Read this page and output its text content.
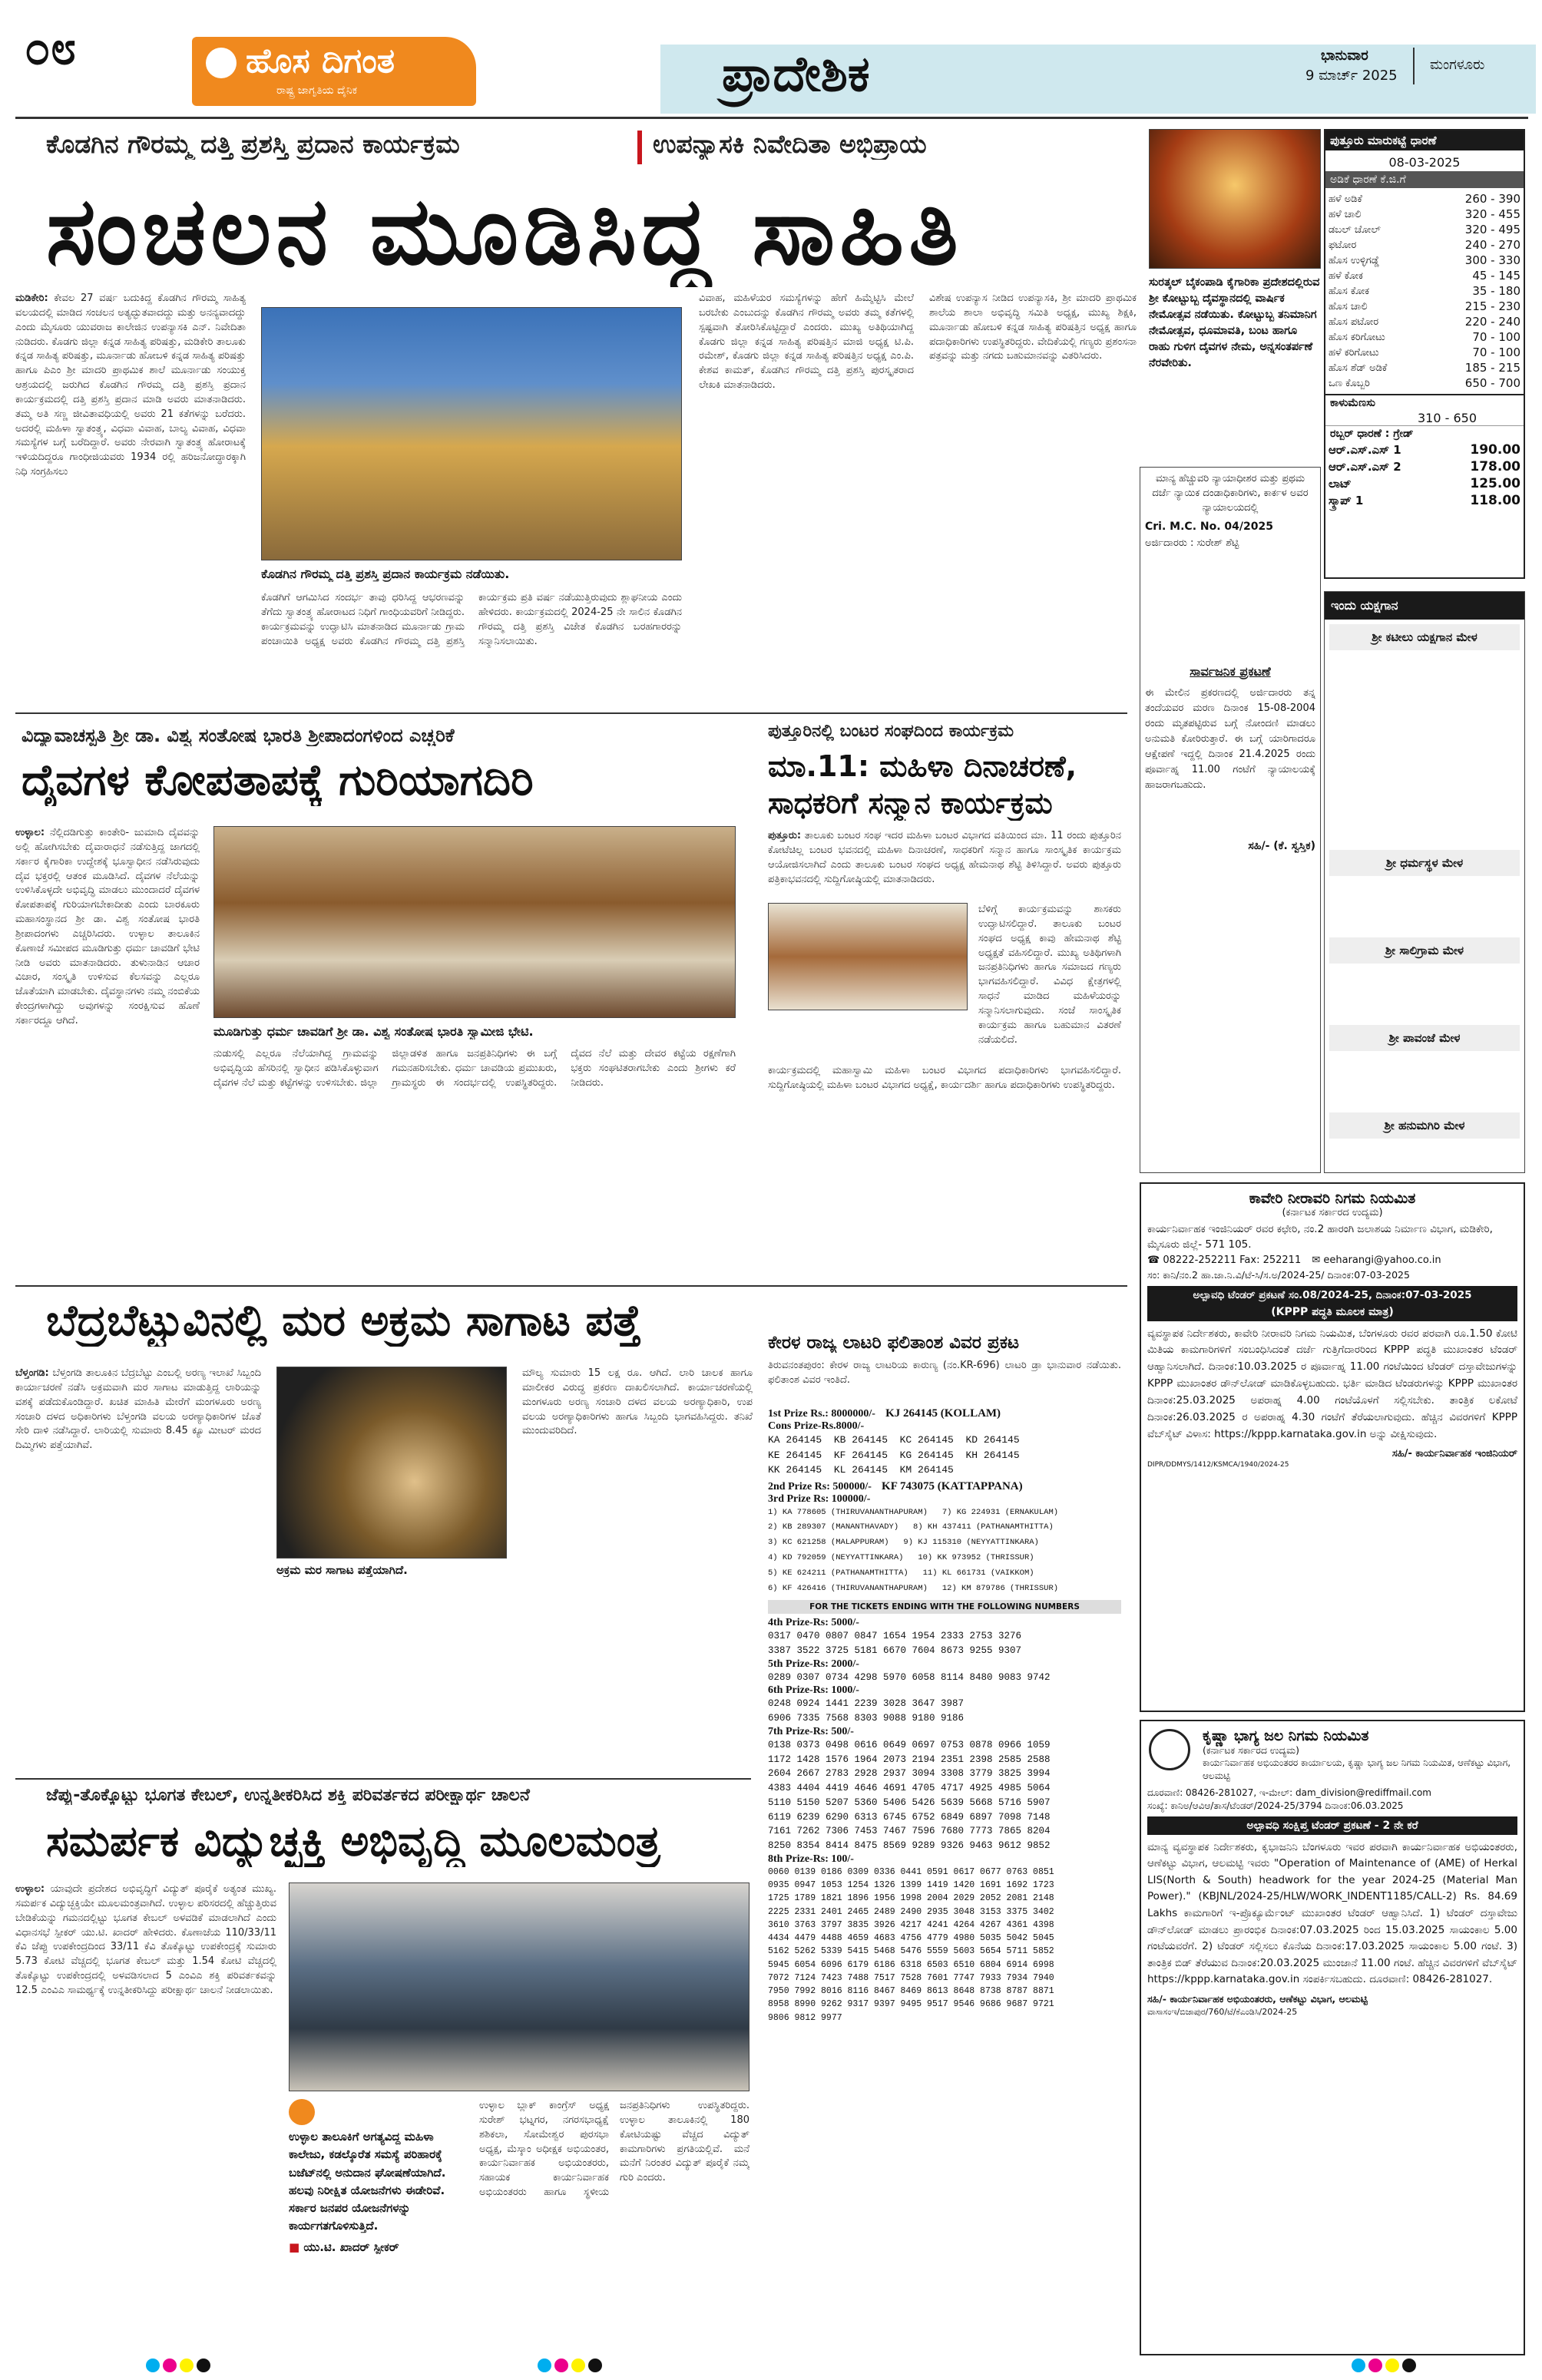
೦೮	ಹೊಸ ದಿಗಂತ
ರಾಷ್ಟ್ರ ಜಾಗೃತಿಯ ದೈನಿಕ	ಪ್ರಾದೇಶಿಕ	ಭಾನುವಾರ
9 ಮಾರ್ಚ್ 2025
ಮಂಗಳೂರು
ಕೊಡಗಿನ ಗೌರಮ್ಮ ದತ್ತಿ ಪ್ರಶಸ್ತಿ ಪ್ರದಾನ ಕಾರ್ಯಕ್ರಮ	ಉಪನ್ಯಾಸಕಿ ನಿವೇದಿತಾ ಅಭಿಪ್ರಾಯ
ಸಂಚಲನ ಮೂಡಿಸಿದ್ದ ಸಾಹಿತಿ
ಮಡಿಕೇರಿ: ಕೇವಲ 27 ವರ್ಷ ಬದುಕಿದ್ದ ಕೊಡಗಿನ ಗೌರಮ್ಮ ಸಾಹಿತ್ಯ ವಲಯದಲ್ಲಿ ಮಾಡಿದ ಸಂಚಲನ ಅತ್ಯದ್ಭುತವಾದದ್ದು ಮತ್ತು ಅನನ್ಯವಾದದ್ದು ಎಂದು ಮೈಸೂರು ಯುವರಾಜ ಕಾಲೇಜಿನ ಉಪನ್ಯಾಸಕಿ ಎನ್. ನಿವೇದಿತಾ ನುಡಿದರು. ಕೊಡಗು ಜಿಲ್ಲಾ ಕನ್ನಡ ಸಾಹಿತ್ಯ ಪರಿಷತ್ತು, ಮಡಿಕೇರಿ ತಾಲೂಕು ಕನ್ನಡ ಸಾಹಿತ್ಯ ಪರಿಷತ್ತು, ಮೂರ್ನಾಡು ಹೋಬಳಿ ಕನ್ನಡ ಸಾಹಿತ್ಯ ಪರಿಷತ್ತು ಹಾಗೂ ಪಿಎಂ ಶ್ರೀ ಮಾದರಿ ಪ್ರಾಥಮಿಕ ಶಾಲೆ ಮೂರ್ನಾಡು ಸಂಯುಕ್ತ ಆಶ್ರಯದಲ್ಲಿ ಜರುಗಿದ ಕೊಡಗಿನ ಗೌರಮ್ಮ ದತ್ತಿ ಪ್ರಶಸ್ತಿ ಪ್ರದಾನ ಕಾರ್ಯಕ್ರಮದಲ್ಲಿ ದತ್ತಿ ಪ್ರಶಸ್ತಿ ಪ್ರದಾನ ಮಾಡಿ ಅವರು ಮಾತನಾಡಿದರು. ತಮ್ಮ ಅತಿ ಸಣ್ಣ ಜೀವಿತಾವಧಿಯಲ್ಲಿ ಅವರು 21 ಕತೆಗಳನ್ನು ಬರೆದರು. ಅದರಲ್ಲಿ ಮಹಿಳಾ ಸ್ವಾತಂತ್ರ್ಯ, ವಿಧವಾ ವಿವಾಹ, ಬಾಲ್ಯ ವಿವಾಹ, ವಿಧವಾ ಸಮಸ್ಯೆಗಳ ಬಗ್ಗೆ ಬರೆದಿದ್ದಾರೆ. ಅವರು ನೇರವಾಗಿ ಸ್ವಾತಂತ್ರ್ಯ ಹೋರಾಟಕ್ಕೆ ಇಳಿಯದಿದ್ದರೂ ಗಾಂಧೀಜಿಯವರು 1934 ರಲ್ಲಿ ಹರಿಜನೋದ್ಧಾರಕ್ಕಾಗಿ ನಿಧಿ ಸಂಗ್ರಹಿಸಲು
ಕೊಡಗಿನ ಗೌರಮ್ಮ ದತ್ತಿ ಪ್ರಶಸ್ತಿ ಪ್ರದಾನ ಕಾರ್ಯಕ್ರಮ ನಡೆಯಿತು.
ಕೊಡಗಿಗೆ ಆಗಮಿಸಿದ ಸಂದರ್ಭ ತಾವು ಧರಿಸಿದ್ದ ಆಭರಣವನ್ನು ತೆಗೆದು ಸ್ವಾತಂತ್ರ್ಯ ಹೋರಾಟದ ನಿಧಿಗೆ ಗಾಂಧಿಯವರಿಗೆ ನೀಡಿದ್ದರು. ಕಾರ್ಯಕ್ರಮವನ್ನು ಉದ್ಘಾಟಿಸಿ ಮಾತನಾಡಿದ ಮೂರ್ನಾಡು ಗ್ರಾಮ ಪಂಚಾಯಿತಿ ಅಧ್ಯಕ್ಷ ಅವರು ಕೊಡಗಿನ ಗೌರಮ್ಮ ದತ್ತಿ ಪ್ರಶಸ್ತಿ ಕಾರ್ಯಕ್ರಮ ಪ್ರತಿ ವರ್ಷ ನಡೆಯುತ್ತಿರುವುದು ಶ್ಲಾಘನೀಯ ಎಂದು ಹೇಳಿದರು. ಕಾರ್ಯಕ್ರಮದಲ್ಲಿ 2024-25 ನೇ ಸಾಲಿನ ಕೊಡಗಿನ ಗೌರಮ್ಮ ದತ್ತಿ ಪ್ರಶಸ್ತಿ ವಿಜೇತ ಕೊಡಗಿನ ಬರಹಗಾರರನ್ನು ಸನ್ಮಾನಿಸಲಾಯಿತು.
ವಿವಾಹ, ಮಹಿಳೆಯರ ಸಮಸ್ಯೆಗಳನ್ನು ಹೇಗೆ ಹಿಮ್ಮೆಟ್ಟಿಸಿ ಮೇಲೆ ಬರಬೇಕು ಎಂಬುದನ್ನು ಕೊಡಗಿನ ಗೌರಮ್ಮ ಅವರು ತಮ್ಮ ಕತೆಗಳಲ್ಲಿ ಸ್ಪಷ್ಟವಾಗಿ ತೋರಿಸಿಕೊಟ್ಟಿದ್ದಾರೆ ಎಂದರು. ಮುಖ್ಯ ಅತಿಥಿಯಾಗಿದ್ದ ಕೊಡಗು ಜಿಲ್ಲಾ ಕನ್ನಡ ಸಾಹಿತ್ಯ ಪರಿಷತ್ತಿನ ಮಾಜಿ ಅಧ್ಯಕ್ಷ ಟಿ.ಪಿ. ರಮೇಶ್, ಕೊಡಗು ಜಿಲ್ಲಾ ಕನ್ನಡ ಸಾಹಿತ್ಯ ಪರಿಷತ್ತಿನ ಅಧ್ಯಕ್ಷ ಎಂ.ಪಿ. ಕೇಶವ ಕಾಮತ್, ಕೊಡಗಿನ ಗೌರಮ್ಮ ದತ್ತಿ ಪ್ರಶಸ್ತಿ ಪುರಸ್ಕೃತರಾದ ಲೇಖಕಿ ಮಾತನಾಡಿದರು.
ವಿಶೇಷ ಉಪನ್ಯಾಸ ನೀಡಿದ ಉಪನ್ಯಾಸಕಿ, ಶ್ರೀ ಮಾದರಿ ಪ್ರಾಥಮಿಕ ಶಾಲೆಯ ಶಾಲಾ ಅಭಿವೃದ್ಧಿ ಸಮಿತಿ ಅಧ್ಯಕ್ಷ, ಮುಖ್ಯ ಶಿಕ್ಷಕಿ, ಮೂರ್ನಾಡು ಹೋಬಳಿ ಕನ್ನಡ ಸಾಹಿತ್ಯ ಪರಿಷತ್ತಿನ ಅಧ್ಯಕ್ಷ ಹಾಗೂ ಪದಾಧಿಕಾರಿಗಳು ಉಪಸ್ಥಿತರಿದ್ದರು. ವೇದಿಕೆಯಲ್ಲಿ ಗಣ್ಯರು ಪ್ರಶಂಸನಾ ಪತ್ರವನ್ನು ಮತ್ತು ನಗದು ಬಹುಮಾನವನ್ನು ವಿತರಿಸಿದರು.
ಸುರತ್ಕಲ್ ಬೈಕಂಪಾಡಿ ಕೈಗಾರಿಕಾ ಪ್ರದೇಶದಲ್ಲಿರುವ ಶ್ರೀ ಕೋಟ್ಟುಬ್ಬ ದೈವಸ್ಥಾನದಲ್ಲಿ ವಾರ್ಷಿಕ ನೇಮೋತ್ಸವ ನಡೆಯಿತು. ಕೋಟ್ಟುಬ್ಬ ತನಿಮಾನಿಗ ನೇಮೋತ್ಸವ, ಧೂಮಾವತಿ, ಬಂಟ ಹಾಗೂ ರಾಹು ಗುಳಿಗ ದೈವಗಳ ನೇಮ, ಅನ್ನಸಂತರ್ಪಣೆ ನೆರವೇರಿತು.
ಪುತ್ತೂರು ಮಾರುಕಟ್ಟೆ ಧಾರಣೆ
08-03-2025
ಅಡಿಕೆ ಧಾರಣೆ ಕೆ.ಜಿ.ಗೆ
ಹಳೆ ಅಡಿಕೆ	260 - 390
ಹಳೆ ಚಾಲಿ	320 - 455
ಡಬಲ್ ಚೋಲ್	320 - 495
ಫಟೋರ	240 - 270
ಹೊಸ ಉಳ್ಳಿಗಡ್ಡೆ	300 - 330
ಹಳೆ ಕೋಕ	45 - 145
ಹೊಸ ಕೋಕ	35 - 180
ಹೊಸ ಚಾಲಿ	215 - 230
ಹೊಸ ಪಟೋರ	220 - 240
ಹೊಸ ಕರಿಗೋಟು	70 - 100
ಹಳೆ ಕರಿಗೋಟು	70 - 100
ಹೊಸ ಶೆಡ್ ಅಡಿಕೆ	185 - 215
ಒಣ ಕೊಬ್ಬರಿ	650 - 700
ಕಾಳುಮೆಣಸು
310 - 650
ರಬ್ಬರ್ ಧಾರಣೆ : ಗ್ರೇಡ್
ಆರ್.ಎಸ್.ಎಸ್ 1	190.00
ಆರ್.ಎಸ್.ಎಸ್ 2	178.00
ಲಾಟ್	125.00
ಸ್ಕ್ರಾಪ್ 1	118.00
ಮಾನ್ಯ ಹೆಚ್ಚುವರಿ ನ್ಯಾಯಾಧೀಶರ ಮತ್ತು ಪ್ರಥಮ ದರ್ಜೆ ನ್ಯಾಯಿಕ ದಂಡಾಧಿಕಾರಿಗಳು, ಕಾರ್ಕಳ ಅವರ ನ್ಯಾಯಾಲಯದಲ್ಲಿ
Cri. M.C. No. 04/2025
ಅರ್ಜಿದಾರರು : ಸುರೇಶ್ ಶೆಟ್ಟಿ
ಸಾರ್ವಜನಿಕ ಪ್ರಕಟಣೆ
ಈ ಮೇಲಿನ ಪ್ರಕರಣದಲ್ಲಿ ಅರ್ಜಿದಾರರು ತನ್ನ ತಂದೆಯವರ ಮರಣ ದಿನಾಂಕ 15-08-2004 ರಂದು ಮೃತಪಟ್ಟಿರುವ ಬಗ್ಗೆ ನೋಂದಣಿ ಮಾಡಲು ಅನುಮತಿ ಕೋರಿರುತ್ತಾರೆ. ಈ ಬಗ್ಗೆ ಯಾರಿಗಾದರೂ ಆಕ್ಷೇಪಣೆ ಇದ್ದಲ್ಲಿ ದಿನಾಂಕ 21.4.2025 ರಂದು ಪೂರ್ವಾಹ್ನ 11.00 ಗಂಟೆಗೆ ನ್ಯಾಯಾಲಯಕ್ಕೆ ಹಾಜರಾಗಬಹುದು.
ಸಹಿ/- (ಕೆ. ಸ್ವಸ್ತಿಕ)
ಇಂದು ಯಕ್ಷಗಾನ
ಶ್ರೀ ಕಟೀಲು ಯಕ್ಷಗಾನ ಮೇಳ
ಶ್ರೀ ಧರ್ಮಸ್ಥಳ ಮೇಳ
ಶ್ರೀ ಸಾಲಿಗ್ರಾಮ ಮೇಳ
ಶ್ರೀ ಪಾವಂಜೆ ಮೇಳ
ಶ್ರೀ ಹನುಮಗಿರಿ ಮೇಳ
ವಿದ್ಯಾವಾಚಸ್ಪತಿ ಶ್ರೀ ಡಾ. ವಿಶ್ವ ಸಂತೋಷ ಭಾರತಿ ಶ್ರೀಪಾದಂಗಳಿಂದ ಎಚ್ಚರಿಕೆ
ದೈವಗಳ ಕೋಪತಾಪಕ್ಕೆ ಗುರಿಯಾಗದಿರಿ
ಉಳ್ಳಾಲ: ನೆಲ್ಲಿದಡಿಗುತ್ತು ಕಾಂತೇರಿ- ಜುಮಾದಿ ದೈವವನ್ನು ಅಲ್ಲಿ ಹೋಗಿಸಬೇಕು ದೈವಾರಾಧನೆ ನಡೆಸುತ್ತಿದ್ದ ಜಾಗದಲ್ಲಿ ಸರ್ಕಾರ ಕೈಗಾರಿಕಾ ಉದ್ದೇಶಕ್ಕೆ ಭೂಸ್ವಾಧೀನ ನಡೆಸಿರುವುದು ದೈವ ಭಕ್ತರಲ್ಲಿ ಆತಂಕ ಮೂಡಿಸಿದೆ. ದೈವಗಳ ನೆಲೆಯನ್ನು ಉಳಿಸಿಕೊಳ್ಳದೇ ಅಭಿವೃದ್ಧಿ ಮಾಡಲು ಮುಂದಾದರೆ ದೈವಗಳ ಕೋಪತಾಪಕ್ಕೆ ಗುರಿಯಾಗಬೇಕಾದೀತು ಎಂದು ಬಾರಕೂರು ಮಹಾಸಂಸ್ಥಾನದ ಶ್ರೀ ಡಾ. ವಿಶ್ವ ಸಂತೋಷ ಭಾರತಿ ಶ್ರೀಪಾದಂಗಳು ಎಚ್ಚರಿಸಿದರು. ಉಳ್ಳಾಲ ತಾಲೂಕಿನ ಕೊಣಾಜೆ ಸಮೀಪದ ಮೂಡಿಗುತ್ತು ಧರ್ಮ ಚಾವಡಿಗೆ ಭೇಟಿ ನೀಡಿ ಅವರು ಮಾತನಾಡಿದರು. ತುಳುನಾಡಿನ ಆಚಾರ ವಿಚಾರ, ಸಂಸ್ಕೃತಿ ಉಳಿಸುವ ಕೆಲಸವನ್ನು ಎಲ್ಲರೂ ಜೊತೆಯಾಗಿ ಮಾಡಬೇಕು. ದೈವಸ್ಥಾನಗಳು ನಮ್ಮ ನಂಬಿಕೆಯ ಕೇಂದ್ರಗಳಾಗಿದ್ದು ಅವುಗಳನ್ನು ಸಂರಕ್ಷಿಸುವ ಹೊಣೆ ಸರ್ಕಾರದ್ದೂ ಆಗಿದೆ.
ಮೂಡಿಗುತ್ತು ಧರ್ಮ ಚಾವಡಿಗೆ ಶ್ರೀ ಡಾ. ವಿಶ್ವ ಸಂತೋಷ ಭಾರತಿ ಸ್ವಾಮೀಜಿ ಭೇಟಿ.
ನುಡುಸಲ್ಲಿ ಎಲ್ಲರೂ ನೆಲೆಯಾಗಿದ್ದ ಗ್ರಾಮವನ್ನು ಅಭಿವೃದ್ಧಿಯ ಹೆಸರಿನಲ್ಲಿ ಸ್ವಾಧೀನ ಪಡಿಸಿಕೊಳ್ಳುವಾಗ ದೈವಗಳ ನೆಲೆ ಮತ್ತು ಕಟ್ಟೆಗಳನ್ನು ಉಳಿಸಬೇಕು. ಜಿಲ್ಲಾ ಜಿಲ್ಲಾಡಳಿತ ಹಾಗೂ ಜನಪ್ರತಿನಿಧಿಗಳು ಈ ಬಗ್ಗೆ ಗಮನಹರಿಸಬೇಕು. ಧರ್ಮ ಚಾವಡಿಯ ಪ್ರಮುಖರು, ಗ್ರಾಮಸ್ಥರು ಈ ಸಂದರ್ಭದಲ್ಲಿ ಉಪಸ್ಥಿತರಿದ್ದರು. ದೈವದ ನೆಲೆ ಮತ್ತು ದೇವರ ಕಟ್ಟೆಯ ರಕ್ಷಣೆಗಾಗಿ ಭಕ್ತರು ಸಂಘಟಿತರಾಗಬೇಕು ಎಂದು ಶ್ರೀಗಳು ಕರೆ ನೀಡಿದರು.
ಪುತ್ತೂರಿನಲ್ಲಿ ಬಂಟರ ಸಂಘದಿಂದ ಕಾರ್ಯಕ್ರಮ
ಮಾ.11: ಮಹಿಳಾ ದಿನಾಚರಣೆ,
ಸಾಧಕರಿಗೆ ಸನ್ಮಾನ ಕಾರ್ಯಕ್ರಮ
ಪುತ್ತೂರು: ತಾಲೂಕು ಬಂಟರ ಸಂಘ ಇದರ ಮಹಿಳಾ ಬಂಟರ ವಿಭಾಗದ ವತಿಯಿಂದ ಮಾ. 11 ರಂದು ಪುತ್ತೂರಿನ ಕೋಟೆಚಿಲ್ಲ ಬಂಟರ ಭವನದಲ್ಲಿ ಮಹಿಳಾ ದಿನಾಚರಣೆ, ಸಾಧಕರಿಗೆ ಸನ್ಮಾನ ಹಾಗೂ ಸಾಂಸ್ಕೃತಿಕ ಕಾರ್ಯಕ್ರಮ ಆಯೋಜಿಸಲಾಗಿದೆ ಎಂದು ತಾಲೂಕು ಬಂಟರ ಸಂಘದ ಅಧ್ಯಕ್ಷ ಹೇಮನಾಥ ಶೆಟ್ಟಿ ತಿಳಿಸಿದ್ದಾರೆ. ಅವರು ಪುತ್ತೂರು ಪತ್ರಿಕಾಭವನದಲ್ಲಿ ಸುದ್ದಿಗೋಷ್ಠಿಯಲ್ಲಿ ಮಾತನಾಡಿದರು.
ಬೆಳಿಗ್ಗೆ ಕಾರ್ಯಕ್ರಮವನ್ನು ಶಾಸಕರು ಉದ್ಘಾಟಿಸಲಿದ್ದಾರೆ. ತಾಲೂಕು ಬಂಟರ ಸಂಘದ ಅಧ್ಯಕ್ಷ ಕಾವು ಹೇಮನಾಥ ಶೆಟ್ಟಿ ಅಧ್ಯಕ್ಷತೆ ವಹಿಸಲಿದ್ದಾರೆ. ಮುಖ್ಯ ಅತಿಥಿಗಳಾಗಿ ಜನಪ್ರತಿನಿಧಿಗಳು ಹಾಗೂ ಸಮಾಜದ ಗಣ್ಯರು ಭಾಗವಹಿಸಲಿದ್ದಾರೆ. ವಿವಿಧ ಕ್ಷೇತ್ರಗಳಲ್ಲಿ ಸಾಧನೆ ಮಾಡಿದ ಮಹಿಳೆಯರನ್ನು ಸನ್ಮಾನಿಸಲಾಗುವುದು. ಸಂಜೆ ಸಾಂಸ್ಕೃತಿಕ ಕಾರ್ಯಕ್ರಮ ಹಾಗೂ ಬಹುಮಾನ ವಿತರಣೆ ನಡೆಯಲಿದೆ.
ಕಾರ್ಯಕ್ರಮದಲ್ಲಿ ಮಹಾಸ್ವಾಮಿ ಮಹಿಳಾ ಬಂಟರ ವಿಭಾಗದ ಪದಾಧಿಕಾರಿಗಳು ಭಾಗವಹಿಸಲಿದ್ದಾರೆ. ಸುದ್ದಿಗೋಷ್ಠಿಯಲ್ಲಿ ಮಹಿಳಾ ಬಂಟರ ವಿಭಾಗದ ಅಧ್ಯಕ್ಷೆ, ಕಾರ್ಯದರ್ಶಿ ಹಾಗೂ ಪದಾಧಿಕಾರಿಗಳು ಉಪಸ್ಥಿತರಿದ್ದರು.
ಬೆದ್ರಬೆಟ್ಟುವಿನಲ್ಲಿ ಮರ ಅಕ್ರಮ ಸಾಗಾಟ ಪತ್ತೆ
ಬೆಳ್ತಂಗಡಿ: ಬೆಳ್ತಂಗಡಿ ತಾಲೂಕಿನ ಬೆದ್ರಬೆಟ್ಟು ಎಂಬಲ್ಲಿ ಅರಣ್ಯ ಇಲಾಖೆ ಸಿಬ್ಬಂದಿ ಕಾರ್ಯಾಚರಣೆ ನಡೆಸಿ ಅಕ್ರಮವಾಗಿ ಮರ ಸಾಗಾಟ ಮಾಡುತ್ತಿದ್ದ ಲಾರಿಯನ್ನು ವಶಕ್ಕೆ ಪಡೆದುಕೊಂಡಿದ್ದಾರೆ. ಖಚಿತ ಮಾಹಿತಿ ಮೇರೆಗೆ ಮಂಗಳೂರು ಅರಣ್ಯ ಸಂಚಾರಿ ದಳದ ಅಧಿಕಾರಿಗಳು ಬೆಳ್ತಂಗಡಿ ವಲಯ ಅರಣ್ಯಾಧಿಕಾರಿಗಳ ಜೊತೆ ಸೇರಿ ದಾಳಿ ನಡೆಸಿದ್ದಾರೆ. ಲಾರಿಯಲ್ಲಿ ಸುಮಾರು 8.45 ಕ್ಯೂ ಮೀಟರ್ ಮರದ ದಿಮ್ಮಿಗಳು ಪತ್ತೆಯಾಗಿವೆ.
ಅಕ್ರಮ ಮರ ಸಾಗಾಟ ಪತ್ತೆಯಾಗಿದೆ.
ಮೌಲ್ಯ ಸುಮಾರು 15 ಲಕ್ಷ ರೂ. ಆಗಿದೆ. ಲಾರಿ ಚಾಲಕ ಹಾಗೂ ಮಾಲೀಕರ ವಿರುದ್ಧ ಪ್ರಕರಣ ದಾಖಲಿಸಲಾಗಿದೆ. ಕಾರ್ಯಾಚರಣೆಯಲ್ಲಿ ಮಂಗಳೂರು ಅರಣ್ಯ ಸಂಚಾರಿ ದಳದ ವಲಯ ಅರಣ್ಯಾಧಿಕಾರಿ, ಉಪ ವಲಯ ಅರಣ್ಯಾಧಿಕಾರಿಗಳು ಹಾಗೂ ಸಿಬ್ಬಂದಿ ಭಾಗವಹಿಸಿದ್ದರು. ತನಿಖೆ ಮುಂದುವರಿದಿದೆ.
ಕೇರಳ ರಾಜ್ಯ ಲಾಟರಿ ಫಲಿತಾಂಶ ವಿವರ ಪ್ರಕಟ
ತಿರುವನಂತಪುರಂ: ಕೇರಳ ರಾಜ್ಯ ಲಾಟರಿಯ ಕಾರುಣ್ಯ (ನಂ.KR-696) ಲಾಟರಿ ಡ್ರಾ ಭಾನುವಾರ ನಡೆಯಿತು. ಫಲಿತಾಂಶ ವಿವರ ಇಂತಿದೆ.
1st Prize Rs.: 8000000/- KJ 264145 (KOLLAM)
Cons Prize-Rs.8000/-
KA 264145  KB 264145  KC 264145  KD 264145
KE 264145  KF 264145  KG 264145  KH 264145
KK 264145  KL 264145  KM 264145
2nd Prize Rs: 500000/- KF 743075 (KATTAPPANA)
3rd Prize Rs: 100000/-
1) KA 778605 (THIRUVANANTHAPURAM)   7) KG 224931 (ERNAKULAM)
2) KB 289307 (MANANTHAVADY)   8) KH 437411 (PATHANAMTHITTA)
3) KC 621258 (MALAPPURAM)   9) KJ 115310 (NEYYATTINKARA)
4) KD 792059 (NEYYATTINKARA)   10) KK 973952 (THRISSUR)
5) KE 624211 (PATHANAMTHITTA)   11) KL 661731 (VAIKKOM)
6) KF 426416 (THIRUVANANTHAPURAM)   12) KM 879786 (THRISSUR)
FOR THE TICKETS ENDING WITH THE FOLLOWING NUMBERS
4th Prize-Rs: 5000/-
0317 0470 0807 0847 1654 1954 2333 2753 3276
3387 3522 3725 5181 6670 7604 8673 9255 9307
5th Prize-Rs: 2000/-
0289 0307 0734 4298 5970 6058 8114 8480 9083 9742
6th Prize-Rs: 1000/-
0248 0924 1441 2239 3028 3647 3987
6906 7335 7568 8303 9088 9180 9186
7th Prize-Rs: 500/-
0138 0373 0498 0616 0649 0697 0753 0878 0966 1059
1172 1428 1576 1964 2073 2194 2351 2398 2585 2588
2604 2667 2783 2928 2937 3094 3308 3779 3825 3994
4383 4404 4419 4646 4691 4705 4717 4925 4985 5064
5110 5150 5207 5360 5406 5426 5639 5668 5716 5907
6119 6239 6290 6313 6745 6752 6849 6897 7098 7148
7161 7262 7306 7453 7467 7596 7680 7773 7865 8204
8250 8354 8414 8475 8569 9289 9326 9463 9612 9852
8th Prize-Rs: 100/-
0060 0139 0186 0309 0336 0441 0591 0617 0677 0763 0851
0935 0947 1053 1254 1326 1399 1419 1420 1691 1692 1723
1725 1789 1821 1896 1956 1998 2004 2029 2052 2081 2148
2225 2331 2401 2465 2489 2490 2935 3048 3153 3375 3402
3610 3763 3797 3835 3926 4217 4241 4264 4267 4361 4398
4434 4479 4488 4659 4683 4756 4779 4980 5035 5042 5045
5162 5262 5339 5415 5468 5476 5559 5603 5654 5711 5852
5945 6054 6096 6179 6186 6318 6503 6510 6804 6914 6998
7072 7124 7423 7488 7517 7528 7601 7747 7933 7934 7940
7950 7992 8016 8116 8467 8469 8613 8648 8738 8787 8871
8958 8990 9262 9317 9397 9495 9517 9546 9686 9687 9721
9806 9812 9977
ಕಾವೇರಿ ನೀರಾವರಿ ನಿಗಮ ನಿಯಮಿತ
(ಕರ್ನಾಟಕ ಸರ್ಕಾರದ ಉದ್ಯಮ)
ಕಾರ್ಯನಿರ್ವಾಹಕ ಇಂಜಿನಿಯರ್ ರವರ ಕಛೇರಿ, ನಂ.2 ಹಾರಂಗಿ ಜಲಾಶಯ ನಿರ್ಮಾಣ ವಿಭಾಗ, ಮಡಿಕೇರಿ, ಮೈಸೂರು ಜಿಲ್ಲೆ- 571 105.
☎ 08222-252211 Fax: 252211 ✉ eeharangi@yahoo.co.in
ಸಂ: ಕಾನಿ/ನಂ.2 ಹಾ.ಜಾ.ನಿ.ವಿ/ಟೆ-ಸಿ/ಸ.ಅ/2024-25/ ದಿನಾಂಕ:07-03-2025
ಅಲ್ಪಾವಧಿ ಟೆಂಡರ್ ಪ್ರಕಟಣೆ ಸಂ.08/2024-25, ದಿನಾಂಕ:07-03-2025
(KPPP ಪದ್ಧತಿ ಮೂಲಕ ಮಾತ್ರ)
ವ್ಯವಸ್ಥಾಪಕ ನಿರ್ದೇಶಕರು, ಕಾವೇರಿ ನೀರಾವರಿ ನಿಗಮ ನಿಯಮಿತ, ಬೆಂಗಳೂರು ರವರ ಪರವಾಗಿ ರೂ.1.50 ಕೋಟಿ ಮಿತಿಯ ಕಾಮಗಾರಿಗಳಿಗೆ ಸಂಬಂಧಿಸಿದಂತೆ ದರ್ಜೆ ಗುತ್ತಿಗೆದಾರರಿಂದ KPPP ಪದ್ಧತಿ ಮುಖಾಂತರ ಟೆಂಡರ್ ಆಹ್ವಾನಿಸಲಾಗಿದೆ. ದಿನಾಂಕ:10.03.2025 ರ ಪೂರ್ವಾಹ್ನ 11.00 ಗಂಟೆಯಿಂದ ಟೆಂಡರ್ ದಸ್ತಾವೇಜುಗಳನ್ನು KPPP ಮುಖಾಂತರ ಡೌನ್‌ಲೋಡ್ ಮಾಡಿಕೊಳ್ಳಬಹುದು. ಭರ್ತಿ ಮಾಡಿದ ಟೆಂಡರುಗಳನ್ನು KPPP ಮುಖಾಂತರ ದಿನಾಂಕ:25.03.2025 ಅಪರಾಹ್ನ 4.00 ಗಂಟೆಯೊಳಗೆ ಸಲ್ಲಿಸಬೇಕು. ತಾಂತ್ರಿಕ ಲಕೋಟೆ ದಿನಾಂಕ:26.03.2025 ರ ಅಪರಾಹ್ನ 4.30 ಗಂಟೆಗೆ ತೆರೆಯಲಾಗುವುದು. ಹೆಚ್ಚಿನ ವಿವರಗಳಿಗೆ KPPP ವೆಬ್‌ಸೈಟ್ ವಿಳಾಸ: https://kppp.karnataka.gov.in ಅನ್ನು ವೀಕ್ಷಿಸುವುದು.
ಸಹಿ/- ಕಾರ್ಯನಿರ್ವಾಹಕ ಇಂಜಿನಿಯರ್
DIPR/DDMYS/1412/KSMCA/1940/2024-25
ಕೃಷ್ಣಾ ಭಾಗ್ಯ ಜಲ ನಿಗಮ ನಿಯಮಿತ
(ಕರ್ನಾಟಕ ಸರ್ಕಾರದ ಉದ್ಯಮ)
ಕಾರ್ಯನಿರ್ವಾಹಕ ಅಭಿಯಂತರರ ಕಾರ್ಯಾಲಯ, ಕೃಷ್ಣಾ ಭಾಗ್ಯ ಜಲ ನಿಗಮ ನಿಯಮಿತ, ಆಣೆಕಟ್ಟು ವಿಭಾಗ, ಆಲಮಟ್ಟಿ
ದೂರವಾಣಿ: 08426-281027, ಇ-ಮೇಲ್: dam_division@rediffmail.com
ಸಂಖ್ಯೆ: ಕಾನಿಅ/ಆವಿಆ/ತಾಸ/ಟೆಂಡರ್/2024-25/3794 ದಿನಾಂಕ:06.03.2025
ಅಲ್ಪಾವಧಿ ಸಂಕ್ಷಿಪ್ತ ಟೆಂಡರ್ ಪ್ರಕಟಣೆ - 2 ನೇ ಕರೆ
ಮಾನ್ಯ ವ್ಯವಸ್ಥಾಪಕ ನಿರ್ದೇಶಕರು, ಕೃಭಾಜನಿನಿ ಬೆಂಗಳೂರು ಇವರ ಪರವಾಗಿ ಕಾರ್ಯನಿರ್ವಾಹಕ ಅಭಿಯಂತರರು, ಆಣೆಕಟ್ಟು ವಿಭಾಗ, ಆಲಮಟ್ಟಿ ಇವರು "Operation of Maintenance of (AME) of Herkal LIS(North & South) headwork for the year 2024-25 (Material Man Power)." (KBJNL/2024-25/HLW/WORK_INDENT1185/CALL-2) Rs. 84.69 Lakhs ಕಾಮಗಾರಿಗೆ ಇ-ಪ್ರೊಕ್ಯೂರ್ಮೆಂಟ್ ಮುಖಾಂತರ ಟೆಂಡರ್ ಆಹ್ವಾನಿಸಿದೆ. 1) ಟೆಂಡರ್ ದಸ್ತಾವೇಜು ಡೌನ್‌ಲೋಡ್ ಮಾಡಲು ಪ್ರಾರಂಭಿಕ ದಿನಾಂಕ:07.03.2025 ರಿಂದ 15.03.2025 ಸಾಯಂಕಾಲ 5.00 ಗಂಟೆಯವರೆಗೆ. 2) ಟೆಂಡರ್ ಸಲ್ಲಿಸಲು ಕೊನೆಯ ದಿನಾಂಕ:17.03.2025 ಸಾಯಂಕಾಲ 5.00 ಗಂಟೆ. 3) ತಾಂತ್ರಿಕ ಬಿಡ್ ತೆರೆಯುವ ದಿನಾಂಕ:20.03.2025 ಮುಂಜಾನೆ 11.00 ಗಂಟೆ. ಹೆಚ್ಚಿನ ವಿವರಗಳಿಗೆ ವೆಬ್‌ಸೈಟ್ https://kppp.karnataka.gov.in ಸಂಪರ್ಕಿಸಬಹುದು. ದೂರವಾಣಿ: 08426-281027.
ಸಹಿ/- ಕಾರ್ಯನಿರ್ವಾಹಕ ಅಭಿಯಂತರರು, ಆಣೆಕಟ್ಟು ವಿಭಾಗ, ಆಲಮಟ್ಟಿ
ವಾಸಾಸಂಇ/ಬಿಜಾಪುರ/760/ಟೆ/ಕೆಎಂಡಿಸಿ/2024-25
ಜೆಪ್ಪು-ತೊಕ್ಕೊಟ್ಟು ಭೂಗತ ಕೇಬಲ್, ಉನ್ನತೀಕರಿಸಿದ ಶಕ್ತಿ ಪರಿವರ್ತಕದ ಪರೀಕ್ಷಾರ್ಥ ಚಾಲನೆ
ಸಮರ್ಪಕ ವಿದ್ಯುಚ್ಛಕ್ತಿ ಅಭಿವೃದ್ಧಿ ಮೂಲಮಂತ್ರ
ಉಳ್ಳಾಲ: ಯಾವುದೇ ಪ್ರದೇಶದ ಅಭಿವೃದ್ಧಿಗೆ ವಿದ್ಯುತ್ ಪೂರೈಕೆ ಅತ್ಯಂತ ಮುಖ್ಯ. ಸಮರ್ಪಕ ವಿದ್ಯುಚ್ಛಕ್ತಿಯೇ ಮೂಲಮಂತ್ರವಾಗಿದೆ. ಉಳ್ಳಾಲ ಪರಿಸರದಲ್ಲಿ ಹೆಚ್ಚುತ್ತಿರುವ ಬೇಡಿಕೆಯನ್ನು ಗಮನದಲ್ಲಿಟ್ಟು ಭೂಗತ ಕೇಬಲ್ ಅಳವಡಿಕೆ ಮಾಡಲಾಗಿದೆ ಎಂದು ವಿಧಾನಸಭೆ ಸ್ಪೀಕರ್ ಯು.ಟಿ. ಖಾದರ್ ಹೇಳಿದರು. ಕೊಣಾಜೆಯ 110/33/11 ಕೆವಿ ಜೆಪ್ಪು ಉಪಕೇಂದ್ರದಿಂದ 33/11 ಕೆವಿ ತೊಕ್ಕೊಟ್ಟು ಉಪಕೇಂದ್ರಕ್ಕೆ ಸುಮಾರು 5.73 ಕೋಟಿ ವೆಚ್ಚದಲ್ಲಿ ಭೂಗತ ಕೇಬಲ್ ಮತ್ತು 1.54 ಕೋಟಿ ವೆಚ್ಚದಲ್ಲಿ ತೊಕ್ಕೊಟ್ಟು ಉಪಕೇಂದ್ರದಲ್ಲಿ ಅಳವಡಿಸಲಾದ 5 ಎಂವಿಎ ಶಕ್ತಿ ಪರಿವರ್ತಕವನ್ನು 12.5 ಎಂವಿಎ ಸಾಮರ್ಥ್ಯಕ್ಕೆ ಉನ್ನತೀಕರಿಸಿದ್ದು ಪರೀಕ್ಷಾರ್ಥ ಚಾಲನೆ ನೀಡಲಾಯಿತು.
ಉಳ್ಳಾಲ ತಾಲೂಕಿಗೆ ಅಗತ್ಯವಿದ್ದ ಮಹಿಳಾ ಕಾಲೇಜು, ಕಡಲ್ಕೊರೆತ ಸಮಸ್ಯೆ ಪರಿಹಾರಕ್ಕೆ ಬಜೆಟ್‌ನಲ್ಲಿ ಅನುದಾನ ಘೋಷಣೆಯಾಗಿದೆ. ಹಲವು ನಿರೀಕ್ಷಿತ ಯೋಜನೆಗಳು ಈಡೇರಿವೆ. ಸರ್ಕಾರ ಜನಪರ ಯೋಜನೆಗಳನ್ನು ಕಾರ್ಯಗತಗೊಳಿಸುತ್ತಿದೆ.
■ ಯು.ಟಿ. ಖಾದರ್ ಸ್ಪೀಕರ್
ಉಳ್ಳಾಲ ಬ್ಲಾಕ್ ಕಾಂಗ್ರೆಸ್ ಅಧ್ಯಕ್ಷ ಸುರೇಶ್ ಭಟ್ನಗರ, ನಗರಸಭಾಧ್ಯಕ್ಷೆ ಶಶಿಕಲಾ, ಸೋಮೇಶ್ವರ ಪುರಸಭಾ ಅಧ್ಯಕ್ಷ, ಮೆಸ್ಕಾಂ ಅಧೀಕ್ಷಕ ಅಭಿಯಂತರ, ಕಾರ್ಯನಿರ್ವಾಹಕ ಅಭಿಯಂತರರು, ಸಹಾಯಕ ಕಾರ್ಯನಿರ್ವಾಹಕ ಅಭಿಯಂತರರು ಹಾಗೂ ಸ್ಥಳೀಯ ಜನಪ್ರತಿನಿಧಿಗಳು ಉಪಸ್ಥಿತರಿದ್ದರು. ಉಳ್ಳಾಲ ತಾಲೂಕಿನಲ್ಲಿ 180 ಕೋಟಿಯಷ್ಟು ವೆಚ್ಚದ ವಿದ್ಯುತ್ ಕಾಮಗಾರಿಗಳು ಪ್ರಗತಿಯಲ್ಲಿವೆ. ಮನೆ ಮನೆಗೆ ನಿರಂತರ ವಿದ್ಯುತ್ ಪೂರೈಕೆ ನಮ್ಮ ಗುರಿ ಎಂದರು.
